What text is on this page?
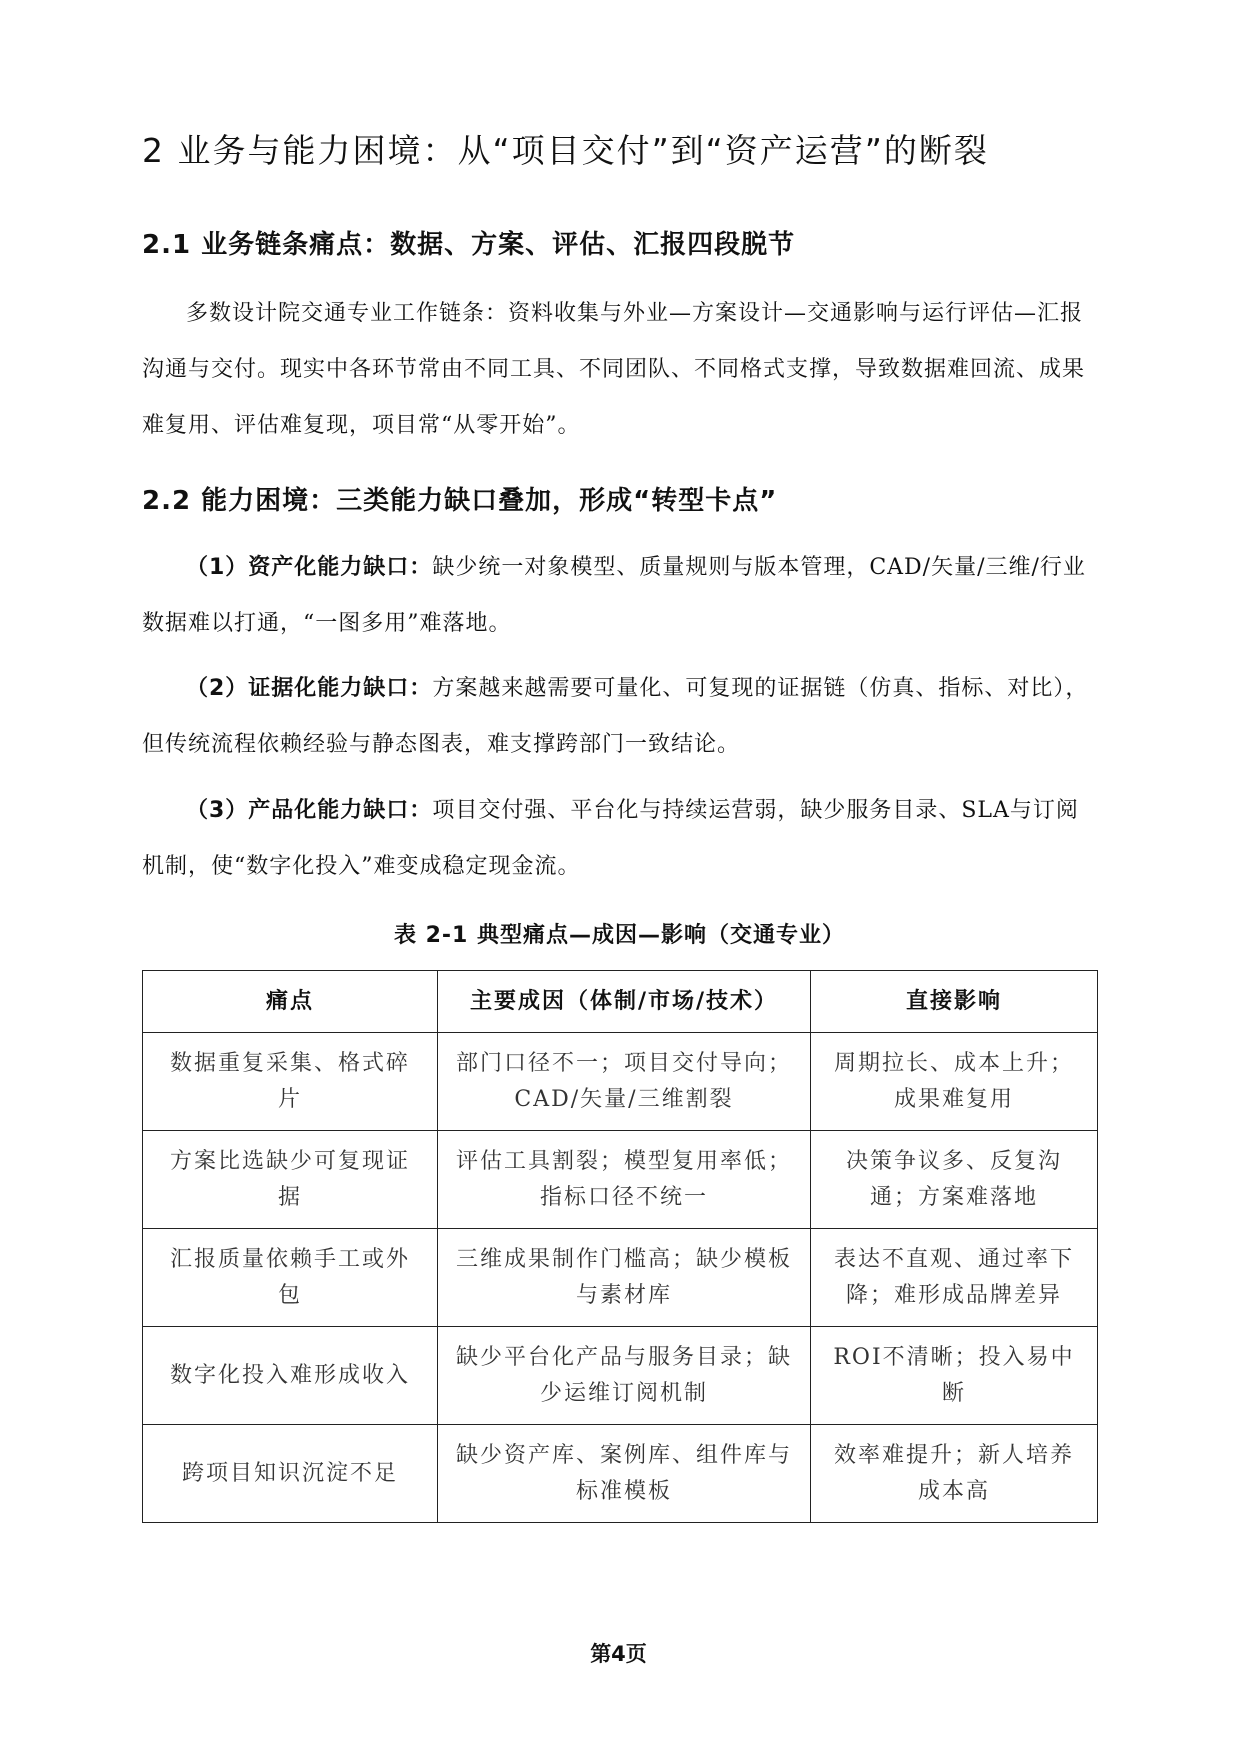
2 业务与能力困境：从“项目交付”到“资产运营”的断裂
2.1 业务链条痛点：数据、方案、评估、汇报四段脱节

多数设计院交通专业工作链条：资料收集与外业—方案设计—交通影响与运行评估—汇报沟通与交付。现实中各环节常由不同工具、不同团队、不同格式支撑，导致数据难回流、成果难复用、评估难复现，项目常“从零开始”。

2.2 能力困境：三类能力缺口叠加，形成“转型卡点”

（1）资产化能力缺口：缺少统一对象模型、质量规则与版本管理，CAD/矢量/三维/行业数据难以打通，“一图多用”难落地。

（2）证据化能力缺口：方案越来越需要可量化、可复现的证据链（仿真、指标、对比），但传统流程依赖经验与静态图表，难支撑跨部门一致结论。

（3）产品化能力缺口：项目交付强、平台化与持续运营弱，缺少服务目录、SLA与订阅机制，使“数字化投入”难变成稳定现金流。

表 2-1 典型痛点—成因—影响（交通专业）

痛点	主要成因（体制/市场/技术）	直接影响
数据重复采集、格式碎片	部门口径不一；项目交付导向；CAD/矢量/三维割裂	周期拉长、成本上升；成果难复用
方案比选缺少可复现证据	评估工具割裂；模型复用率低；指标口径不统一	决策争议多、反复沟通；方案难落地
汇报质量依赖手工或外包	三维成果制作门槛高；缺少模板与素材库	表达不直观、通过率下降；难形成品牌差异
数字化投入难形成收入	缺少平台化产品与服务目录；缺少运维订阅机制	ROI不清晰；投入易中断
跨项目知识沉淀不足	缺少资产库、案例库、组件库与标准模板	效率难提升；新人培养成本高

第4页
